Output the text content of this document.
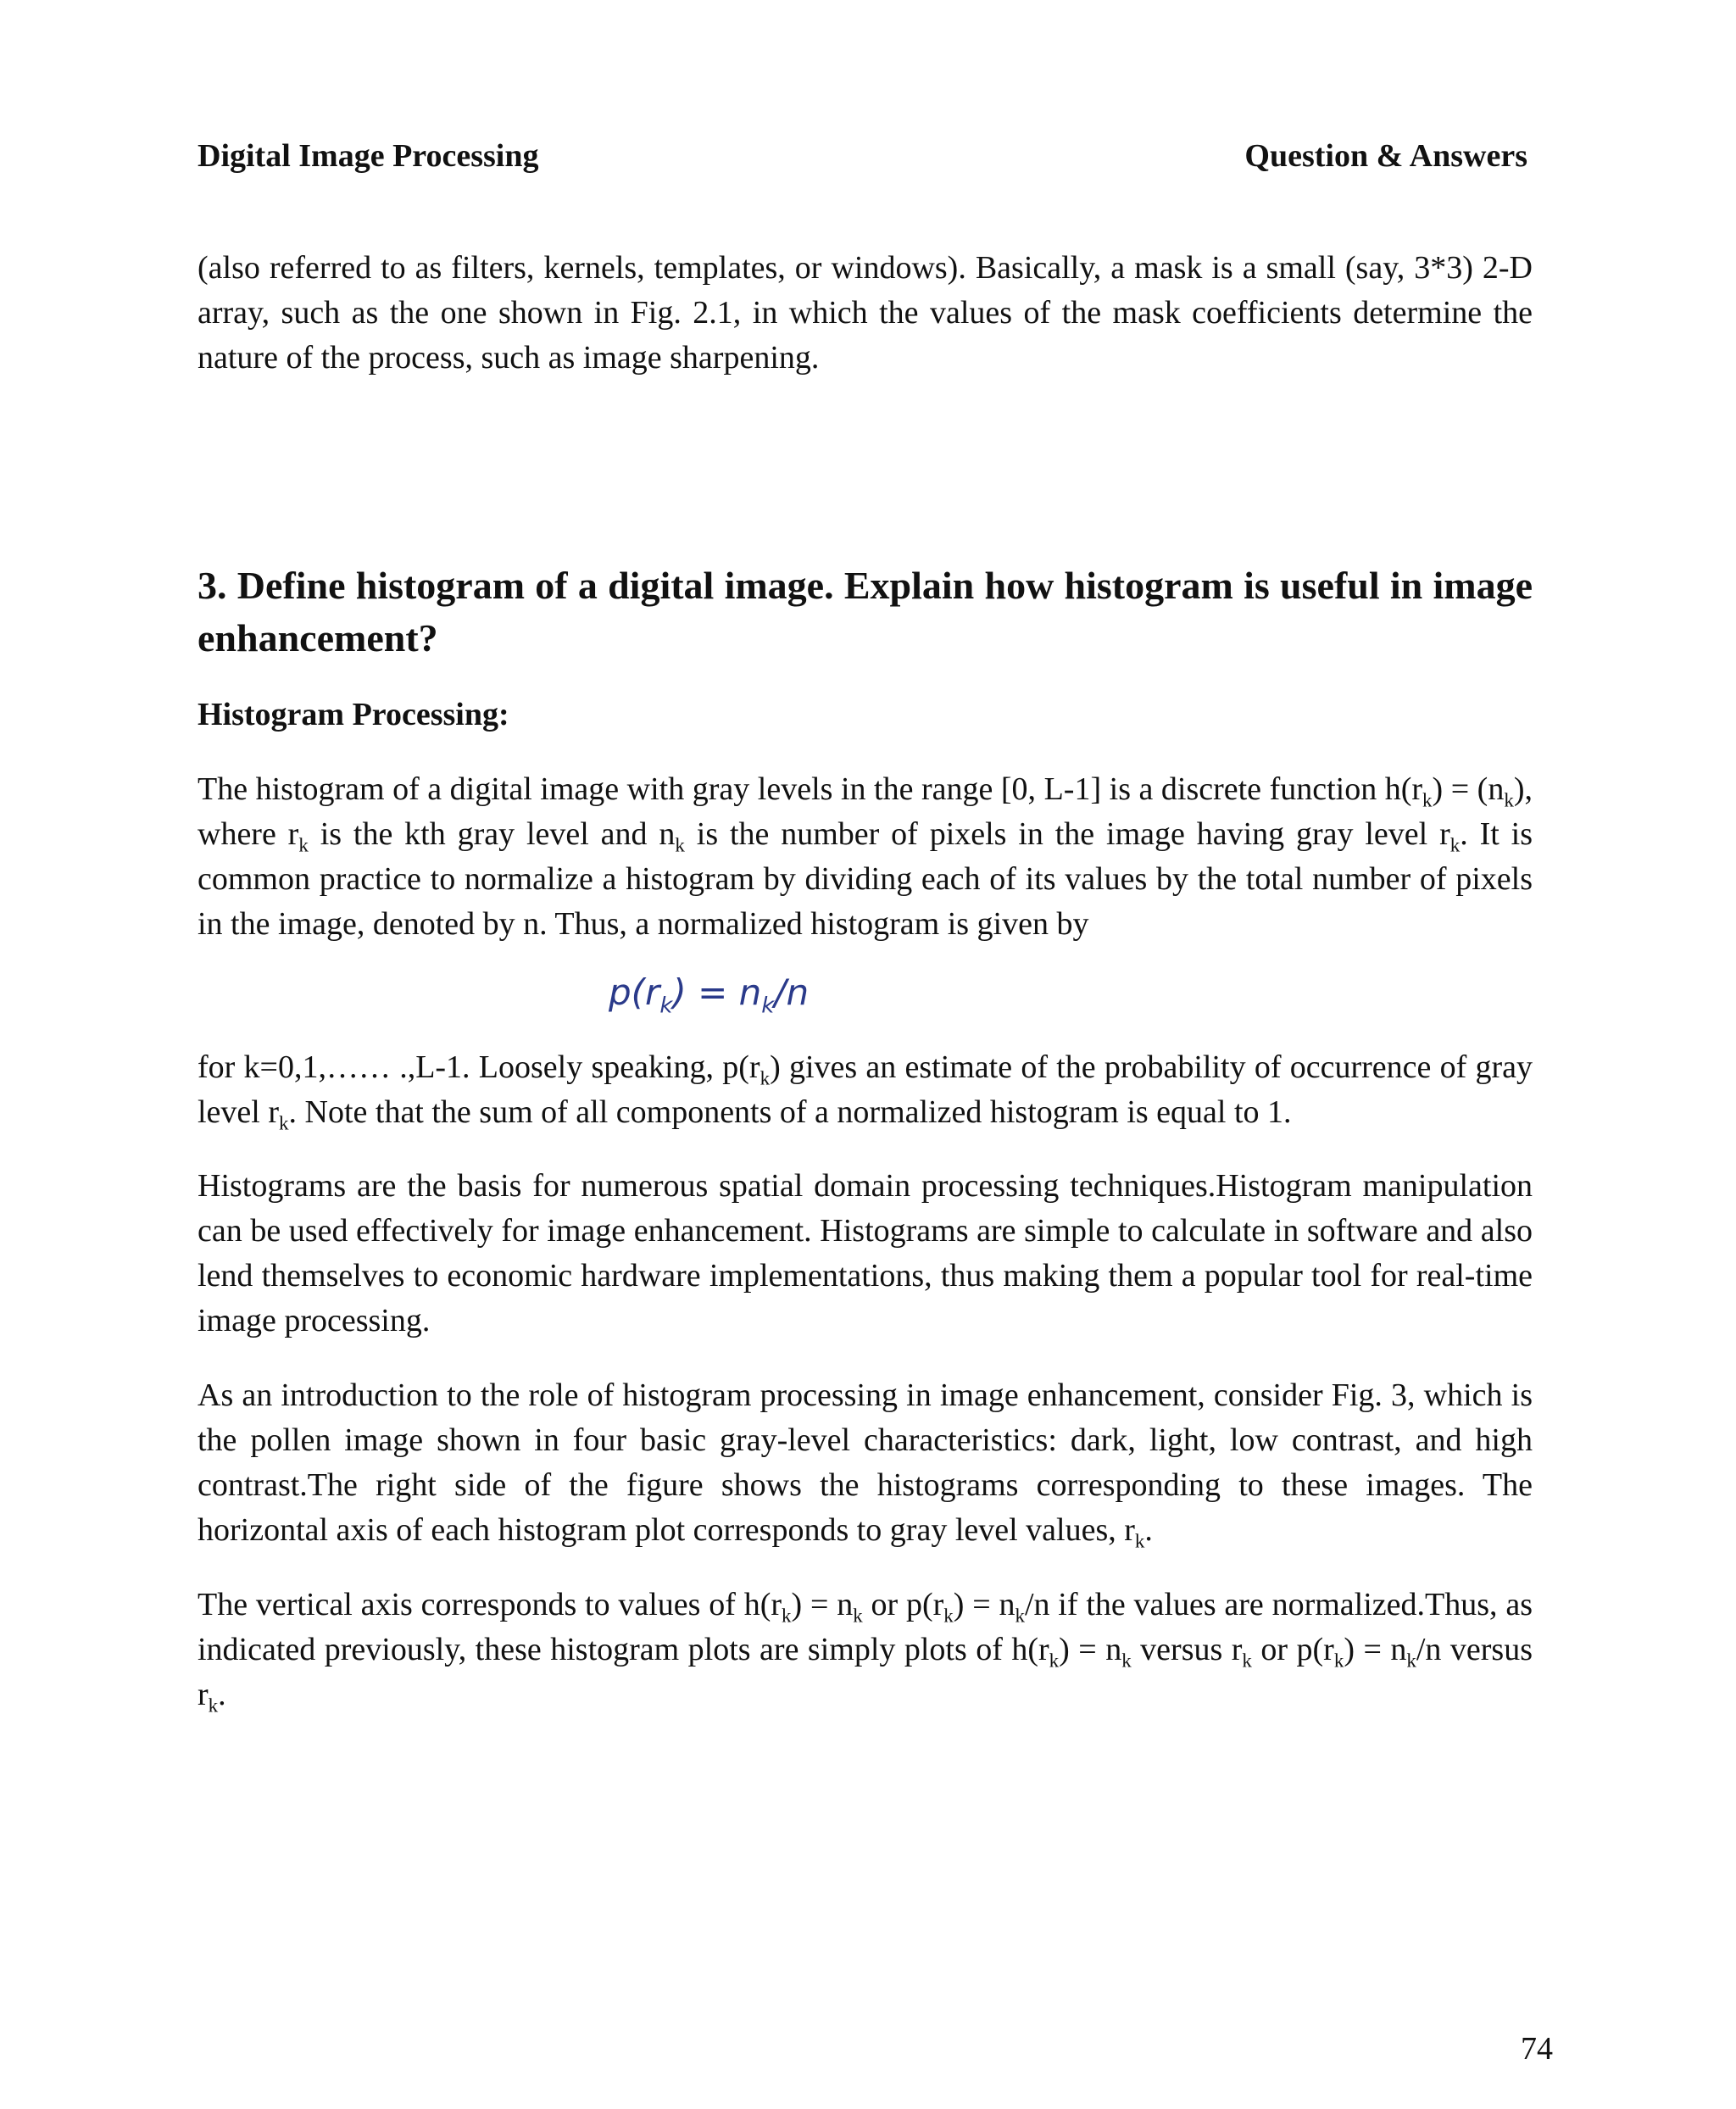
Digital Image Processing	Question & Answers

(also referred to as filters, kernels, templates, or windows). Basically, a mask is a small (say, 3*3) 2-D array, such as the one shown in Fig. 2.1, in which the values of the mask coefficients determine the nature of the process, such as image sharpening.

3. Define histogram of a digital image. Explain how histogram is useful in image enhancement?
Histogram Processing:

The histogram of a digital image with gray levels in the range [0, L-1] is a discrete function $h(r_k) = (n_k)$, where $r_k$ is the kth gray level and $n_k$ is the number of pixels in the image having gray level $r_k$. It is common practice to normalize a histogram by dividing each of its values by the total number of pixels in the image, denoted by n. Thus, a normalized histogram is given by

$p(r_k) = n_k/n$

for k=0,1,…… .,L-1. Loosely speaking, $p(r_k)$ gives an estimate of the probability of occurrence of gray level $r_k$. Note that the sum of all components of a normalized histogram is equal to 1.

Histograms are the basis for numerous spatial domain processing techniques.Histogram manipulation can be used effectively for image enhancement. Histograms are simple to calculate in software and also lend themselves to economic hardware implementations, thus making them a popular tool for real-time image processing.

As an introduction to the role of histogram processing in image enhancement, consider Fig. 3, which is the pollen image shown in four basic gray-level characteristics: dark, light, low contrast, and high contrast.The right side of the figure shows the histograms corresponding to these images. The horizontal axis of each histogram plot corresponds to gray level values, $r_k$.

The vertical axis corresponds to values of $h(r_k) = n_k$ or $p(r_k) = n_k/n$ if the values are normalized.Thus, as indicated previously, these histogram plots are simply plots of $h(r_k) = n_k$ versus $r_k$ or $p(r_k) = n_k/n$ versus $r_k$.

74
